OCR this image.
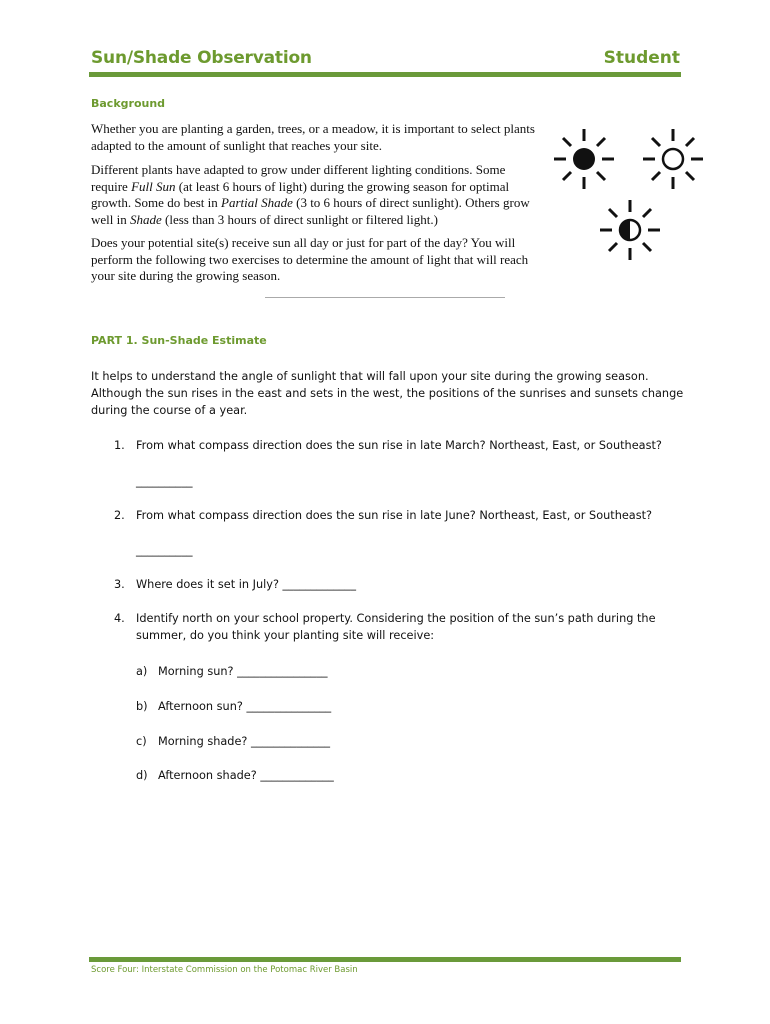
Sun/Shade Observation	Student
Background
Whether you are planting a garden, trees, or a meadow, it is important to select plants adapted to the amount of sunlight that reaches your site.
Different plants have adapted to grow under different lighting conditions. Some require Full Sun (at least 6 hours of light) during the growing season for optimal growth. Some do best in Partial Shade (3 to 6 hours of direct sunlight). Others grow well in Shade (less than 3 hours of direct sunlight or filtered light.)
Does your potential site(s) receive sun all day or just for part of the day? You will perform the following two exercises to determine the amount of light that will reach your site during the growing season.
PART 1. Sun-Shade Estimate
It helps to understand the angle of sunlight that will fall upon your site during the growing season. Although the sun rises in the east and sets in the west, the positions of the sunrises and sunsets change during the course of a year.
1. From what compass direction does the sun rise in late March? Northeast, East, or Southeast?
__________
2. From what compass direction does the sun rise in late June? Northeast, East, or Southeast?
__________
3. Where does it set in July? _____________
4. Identify north on your school property. Considering the position of the sun’s path during the summer, do you think your planting site will receive:
a) Morning sun? ________________
b) Afternoon sun? _______________
c) Morning shade? ______________
d) Afternoon shade? _____________
Score Four: Interstate Commission on the Potomac River Basin
